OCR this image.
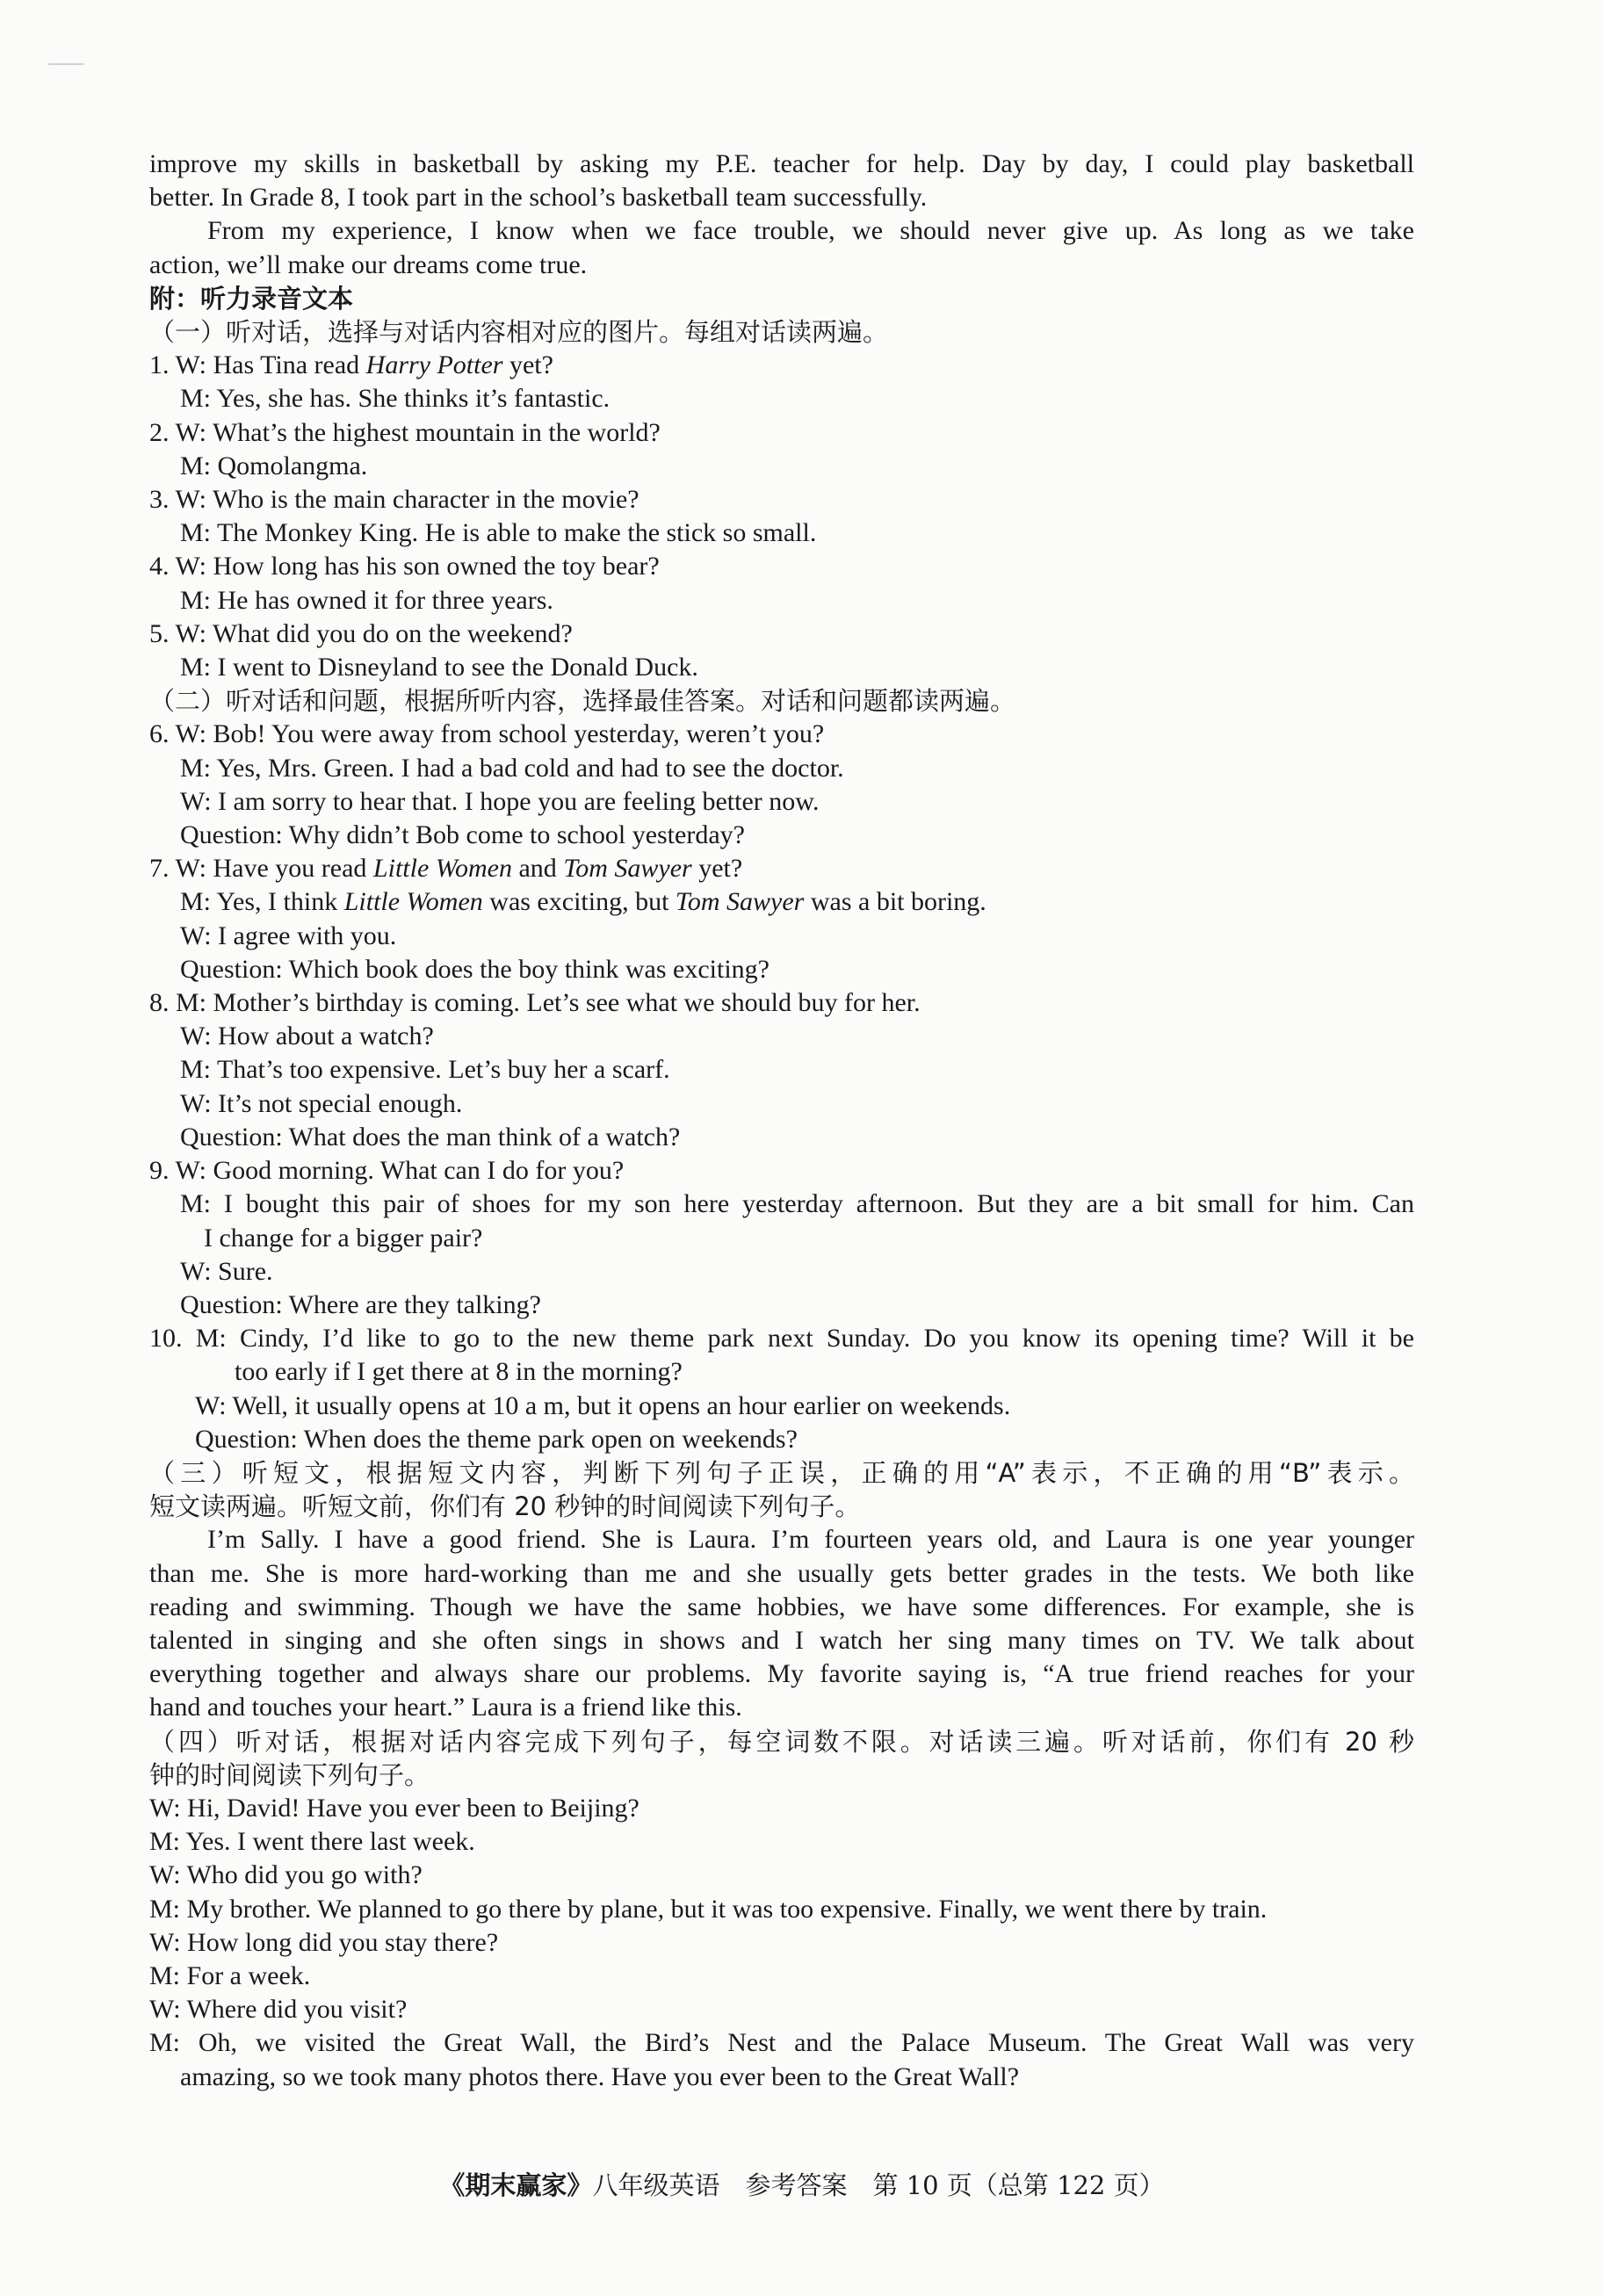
improve my skills in basketball by asking my P.E. teacher for help. Day by day, I could play basketball
better. In Grade 8, I took part in the school’s basketball team successfully.
From my experience, I know when we face trouble, we should never give up. As long as we take
action, we’ll make our dreams come true.
附：听力录音文本
（一）听对话，选择与对话内容相对应的图片。每组对话读两遍。
1. W: Has Tina read Harry Potter yet?
M: Yes, she has. She thinks it’s fantastic.
2. W: What’s the highest mountain in the world?
M: Qomolangma.
3. W: Who is the main character in the movie?
M: The Monkey King. He is able to make the stick so small.
4. W: How long has his son owned the toy bear?
M: He has owned it for three years.
5. W: What did you do on the weekend?
M: I went to Disneyland to see the Donald Duck.
（二）听对话和问题，根据所听内容，选择最佳答案。对话和问题都读两遍。
6. W: Bob! You were away from school yesterday, weren’t you?
M: Yes, Mrs. Green. I had a bad cold and had to see the doctor.
W: I am sorry to hear that. I hope you are feeling better now.
Question: Why didn’t Bob come to school yesterday?
7. W: Have you read Little Women and Tom Sawyer yet?
M: Yes, I think Little Women was exciting, but Tom Sawyer was a bit boring.
W: I agree with you.
Question: Which book does the boy think was exciting?
8. M: Mother’s birthday is coming. Let’s see what we should buy for her.
W: How about a watch?
M: That’s too expensive. Let’s buy her a scarf.
W: It’s not special enough.
Question: What does the man think of a watch?
9. W: Good morning. What can I do for you?
M: I bought this pair of shoes for my son here yesterday afternoon. But they are a bit small for him. Can
I change for a bigger pair?
W: Sure.
Question: Where are they talking?
10. M: Cindy, I’d like to go to the new theme park next Sunday. Do you know its opening time? Will it be
too early if I get there at 8 in the morning?
W: Well, it usually opens at 10 a m, but it opens an hour earlier on weekends.
Question: When does the theme park open on weekends?
（三）听短文，根据短文内容，判断下列句子正误，正确的用“A”表示，不正确的用“B”表示。
短文读两遍。听短文前，你们有 20 秒钟的时间阅读下列句子。
I’m Sally. I have a good friend. She is Laura. I’m fourteen years old, and Laura is one year younger
than me. She is more hard-working than me and she usually gets better grades in the tests. We both like
reading and swimming. Though we have the same hobbies, we have some differences. For example, she is
talented in singing and she often sings in shows and I watch her sing many times on TV. We talk about
everything together and always share our problems. My favorite saying is, “A true friend reaches for your
hand and touches your heart.” Laura is a friend like this.
（四）听对话，根据对话内容完成下列句子，每空词数不限。对话读三遍。听对话前，你们有 20 秒
钟的时间阅读下列句子。
W: Hi, David! Have you ever been to Beijing?
M: Yes. I went there last week.
W: Who did you go with?
M: My brother. We planned to go there by plane, but it was too expensive. Finally, we went there by train.
W: How long did you stay there?
M: For a week.
W: Where did you visit?
M: Oh, we visited the Great Wall, the Bird’s Nest and the Palace Museum. The Great Wall was very
amazing, so we took many photos there. Have you ever been to the Great Wall?
《期末赢家》八年级英语　参考答案　第 10 页（总第 122 页）
